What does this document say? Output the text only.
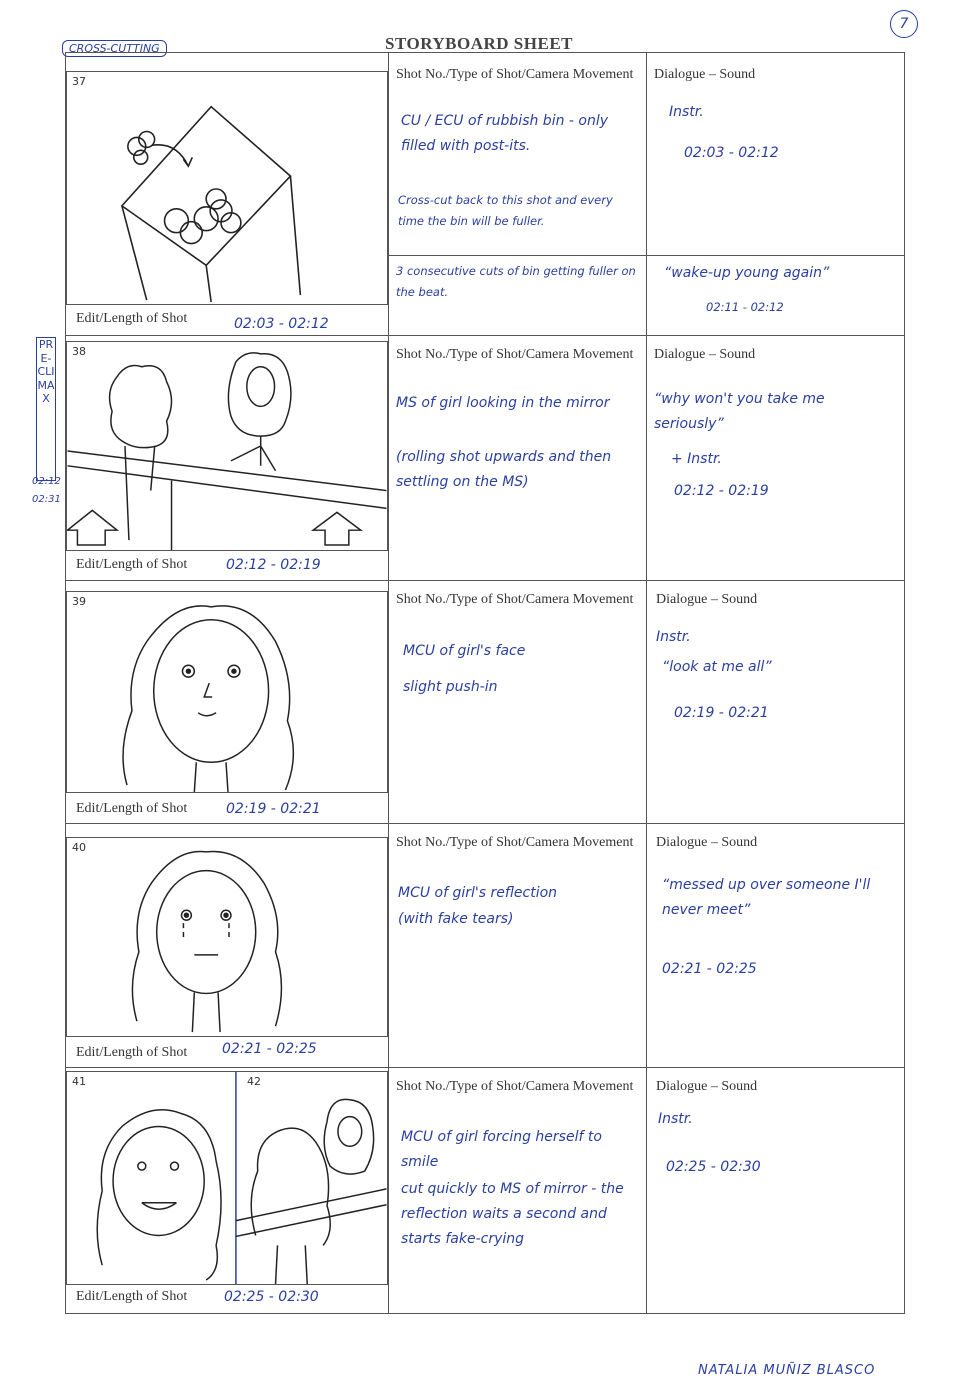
7
STORYBOARD SHEET
CROSS-CUTTING
PRE-CLIMAX
02:12
02:31
37
Edit/Length of Shot	02:03 - 02:12
Shot No./Type of Shot/Camera Movement
CU / ECU of rubbish bin - only filled with post-its.
Cross-cut back to this shot and every time the bin will be fuller.
3 consecutive cuts of bin getting fuller on the beat.
Dialogue – Sound
Instr.
02:03 - 02:12
“wake-up young again”
02:11 - 02:12
38
Edit/Length of Shot	02:12 - 02:19
Shot No./Type of Shot/Camera Movement
MS of girl looking in the mirror
(rolling shot upwards and then settling on the MS)
Dialogue – Sound
“why won't you take me seriously”
+ Instr.
02:12 - 02:19
39
Edit/Length of Shot	02:19 - 02:21
Shot No./Type of Shot/Camera Movement
MCU of girl's face
slight push-in
Dialogue – Sound
Instr.
“look at me all”
02:19 - 02:21
40
Edit/Length of Shot 02:21 - 02:25
Shot No./Type of Shot/Camera Movement
MCU of girl's reflection
(with fake tears)
Dialogue – Sound
“messed up over someone I'll never meet”
02:21 - 02:25
41	42
Edit/Length of Shot	02:25 - 02:30
Shot No./Type of Shot/Camera Movement
MCU of girl forcing herself to smile
cut quickly to MS of mirror - the reflection waits a second and starts fake-crying
Dialogue – Sound
Instr.
02:25 - 02:30
NATALIA MUÑIZ BLASCO
